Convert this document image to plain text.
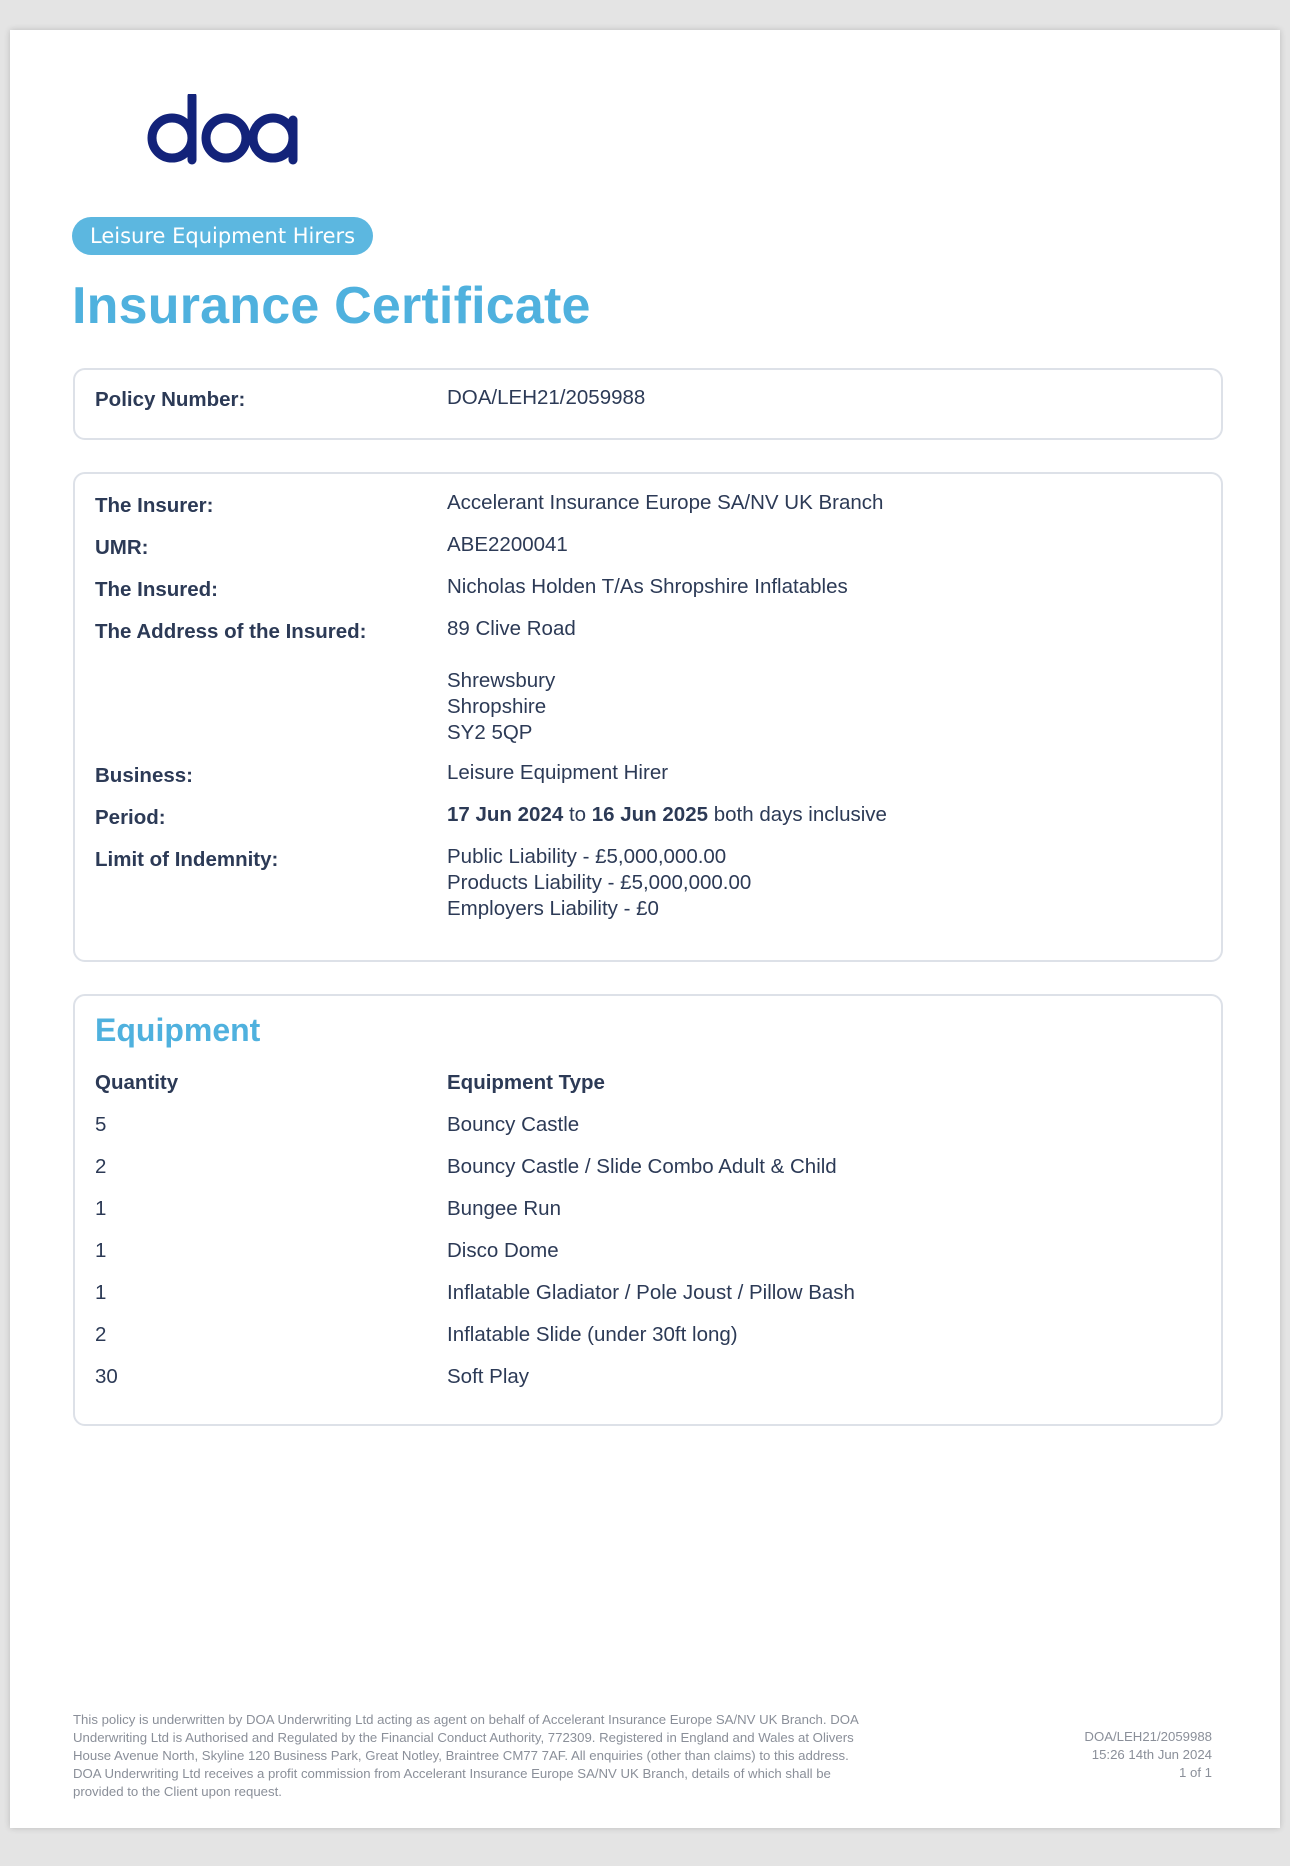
Leisure Equipment Hirers
Insurance Certificate
Policy Number:	DOA/LEH21/2059988
The Insurer:	Accelerant Insurance Europe SA/NV UK Branch
UMR:	ABE2200041
The Insured:	Nicholas Holden T/As Shropshire Inflatables
The Address of the Insured:	89 Clive Road
Shrewsbury
Shropshire
SY2 5QP
Business:	Leisure Equipment Hirer
Period:	17 Jun 2024 to 16 Jun 2025 both days inclusive
Limit of Indemnity:	Public Liability - £5,000,000.00
Products Liability - £5,000,000.00
Employers Liability - £0
Equipment
Quantity	Equipment Type
5	Bouncy Castle
2	Bouncy Castle / Slide Combo Adult & Child
1	Bungee Run
1	Disco Dome
1	Inflatable Gladiator / Pole Joust / Pillow Bash
2	Inflatable Slide (under 30ft long)
30	Soft Play
This policy is underwritten by DOA Underwriting Ltd acting as agent on behalf of Accelerant Insurance Europe SA/NV UK Branch. DOA
Underwriting Ltd is Authorised and Regulated by the Financial Conduct Authority, 772309. Registered in England and Wales at Olivers
House Avenue North, Skyline 120 Business Park, Great Notley, Braintree CM77 7AF. All enquiries (other than claims) to this address.
DOA Underwriting Ltd receives a profit commission from Accelerant Insurance Europe SA/NV UK Branch, details of which shall be
provided to the Client upon request.
DOA/LEH21/2059988
15:26 14th Jun 2024
1 of 1
